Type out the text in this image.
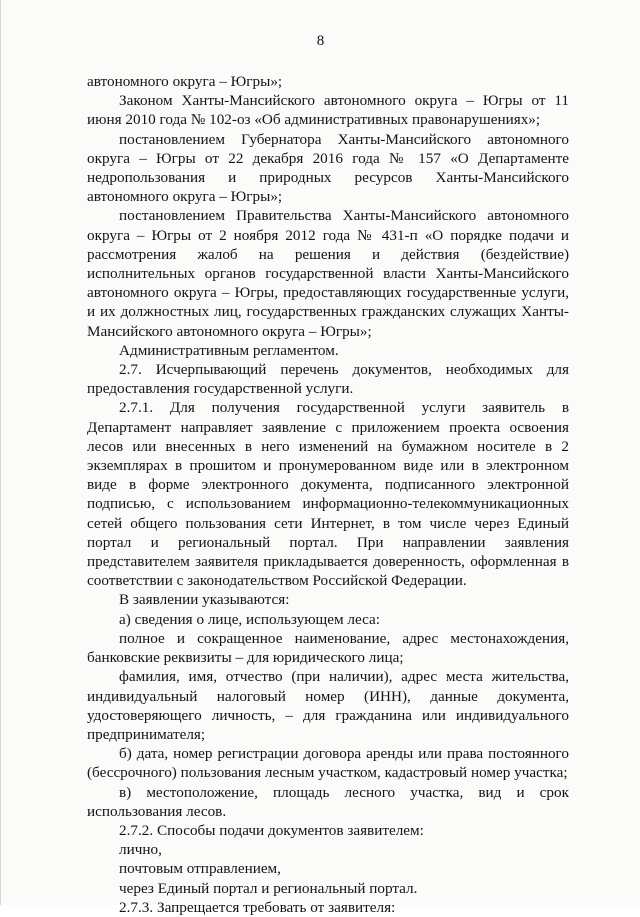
8

автономного округа – Югры»;

Законом Ханты-Мансийского автономного округа – Югры от 11 июня 2010 года № 102-оз «Об административных правонарушениях»;

постановлением Губернатора Ханты-Мансийского автономного округа – Югры от 22 декабря 2016 года № 157 «О Департаменте недропользования и природных ресурсов Ханты-Мансийского автономного округа – Югры»;

постановлением Правительства Ханты-Мансийского автономного округа – Югры от 2 ноября 2012 года № 431-п «О порядке подачи и рассмотрения жалоб на решения и действия (бездействие) исполнительных органов государственной власти Ханты-Мансийского автономного округа – Югры, предоставляющих государственные услуги, и их должностных лиц, государственных гражданских служащих Ханты-Мансийского автономного округа – Югры»;

Административным регламентом.

2.7. Исчерпывающий перечень документов, необходимых для предоставления государственной услуги.

2.7.1. Для получения государственной услуги заявитель в Департамент направляет заявление с приложением проекта освоения лесов или внесенных в него изменений на бумажном носителе в 2 экземплярах в прошитом и пронумерованном виде или в электронном виде в форме электронного документа, подписанного электронной подписью, с использованием информационно-телекоммуникационных сетей общего пользования сети Интернет, в том числе через Единый портал и региональный портал. При направлении заявления представителем заявителя прикладывается доверенность, оформленная в соответствии с законодательством Российской Федерации.

В заявлении указываются:

а) сведения о лице, использующем леса:

полное и сокращенное наименование, адрес местонахождения, банковские реквизиты – для юридического лица;

фамилия, имя, отчество (при наличии), адрес места жительства, индивидуальный налоговый номер (ИНН), данные документа, удостоверяющего личность, – для гражданина или индивидуального предпринимателя;

б) дата, номер регистрации договора аренды или права постоянного (бессрочного) пользования лесным участком, кадастровый номер участка;

в) местоположение, площадь лесного участка, вид и срок использования лесов.

2.7.2. Способы подачи документов заявителем:

лично,

почтовым отправлением,

через Единый портал и региональный портал.

2.7.3. Запрещается требовать от заявителя:
